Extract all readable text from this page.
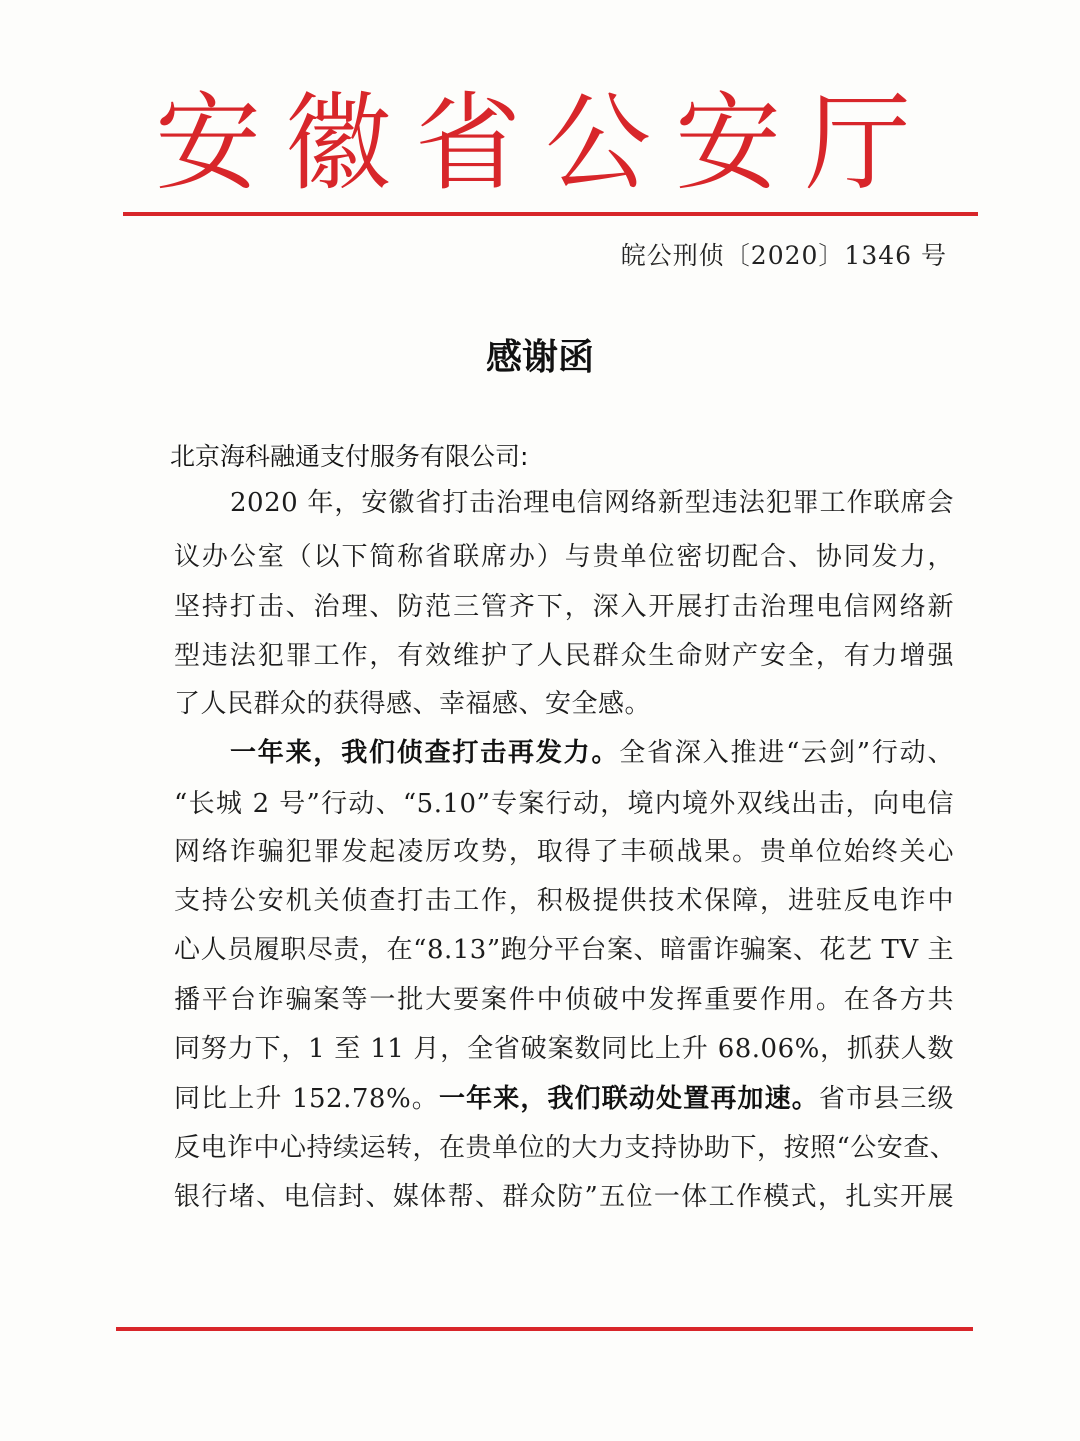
安徽省公安厅
皖公刑侦〔2020〕1346 号
感谢函
北京海科融通支付服务有限公司:
2020 年，安徽省打击治理电信网络新型违法犯罪工作联席会
议办公室（以下简称省联席办）与贵单位密切配合、协同发力，
坚持打击、治理、防范三管齐下，深入开展打击治理电信网络新
型违法犯罪工作，有效维护了人民群众生命财产安全，有力增强
了人民群众的获得感、幸福感、安全感。
一年来，我们侦查打击再发力。全省深入推进“云剑”行动、
“长城 2 号”行动、“5.10”专案行动，境内境外双线出击，向电信
网络诈骗犯罪发起凌厉攻势，取得了丰硕战果。贵单位始终关心
支持公安机关侦查打击工作，积极提供技术保障，进驻反电诈中
心人员履职尽责，在“8.13”跑分平台案、暗雷诈骗案、花艺 TV 主
播平台诈骗案等一批大要案件中侦破中发挥重要作用。在各方共
同努力下，1 至 11 月，全省破案数同比上升 68.06%，抓获人数
同比上升 152.78%。一年来，我们联动处置再加速。省市县三级
反电诈中心持续运转，在贵单位的大力支持协助下，按照“公安查、
银行堵、电信封、媒体帮、群众防”五位一体工作模式，扎实开展
